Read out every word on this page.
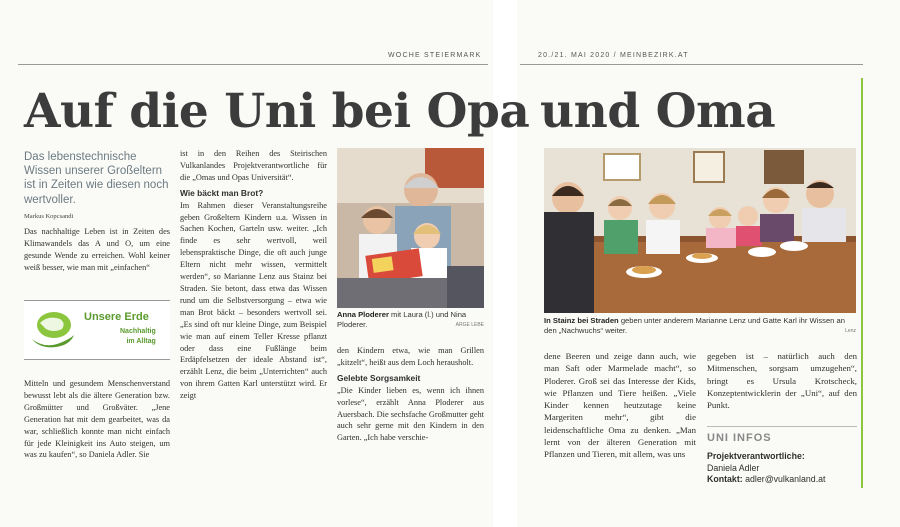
WOCHE STEIERMARK	20./21. MAI 2020 / MEINBEZIRK.AT
Auf die Uni bei Opa und Oma
Das lebenstechnische Wissen unserer Großeltern ist in Zeiten wie diesen noch wertvoller.
Markus Kopcsandi

Das nachhaltige Leben ist in Zeiten des Klimawandels das A und O, um eine gesunde Wende zu erreichen. Wohl keiner weiß besser, wie man mit „einfachen“

Unsere Erde
Nachhaltig
im Alltag

Mitteln und gesundem Menschenverstand bewusst lebt als die ältere Generation bzw. Großmütter und Großväter. „Jene Generation hat mit dem gearbeitet, was da war, schließlich konnte man nicht einfach für jede Kleinigkeit ins Auto steigen, um was zu kaufen“, so Daniela Adler. Sie

ist in den Reihen des Steirischen Vulkanlandes Projektverantwortliche für die „Omas und Opas Universität“.

Wie bäckt man Brot?

Im Rahmen dieser Veranstaltungsreihe geben Großeltern Kindern u.a. Wissen in Sachen Kochen, Garteln usw. weiter. „Ich finde es sehr wertvoll, weil lebenspraktische Dinge, die oft auch junge Eltern nicht mehr wissen, vermittelt werden“, so Marianne Lenz aus Stainz bei Straden. Sie betont, dass etwa das Wissen rund um die Selbstversorgung – etwa wie man Brot bäckt – besonders wertvoll sei. „Es sind oft nur kleine Dinge, zum Beispiel wie man auf einem Teller Kresse pflanzt oder dass eine Fußlänge beim Erdäpfelsetzen der ideale Abstand ist“, erzählt Lenz, die beim „Unterrichten“ auch von ihrem Gatten Karl unterstützt wird. Er zeigt

Anna Ploderer mit Laura (l.) und Nina Ploderer.	ARGE LEBE

den Kindern etwa, wie man Grillen „kitzelt“, heißt aus dem Loch herausholt.

Gelebte Sorgsamkeit

„Die Kinder lieben es, wenn ich ihnen vorlese“, erzählt Anna Ploderer aus Auersbach. Die sechsfache Großmutter geht auch sehr gerne mit den Kindern in den Garten. „Ich habe verschie-

In Stainz bei Straden geben unter anderem Marianne Lenz und Gatte Karl ihr Wissen an den „Nachwuchs“ weiter.	Lenz

dene Beeren und zeige dann auch, wie man Saft oder Marmelade macht“, so Ploderer. Groß sei das Interesse der Kids, wie Pflanzen und Tiere heißen. „Viele Kinder kennen heutzutage keine Margeriten mehr“, gibt die leidenschaftliche Oma zu denken. „Man lernt von der älteren Generation mit Pflanzen und Tieren, mit allem, was uns

gegeben ist – natürlich auch den Mitmenschen, sorgsam umzugehen“, bringt es Ursula Krotscheck, Konzeptentwicklerin der „Uni“, auf den Punkt.

UNI INFOS
Projektverantwortliche:
Daniela Adler
Kontakt: adler@vulkanland.at
